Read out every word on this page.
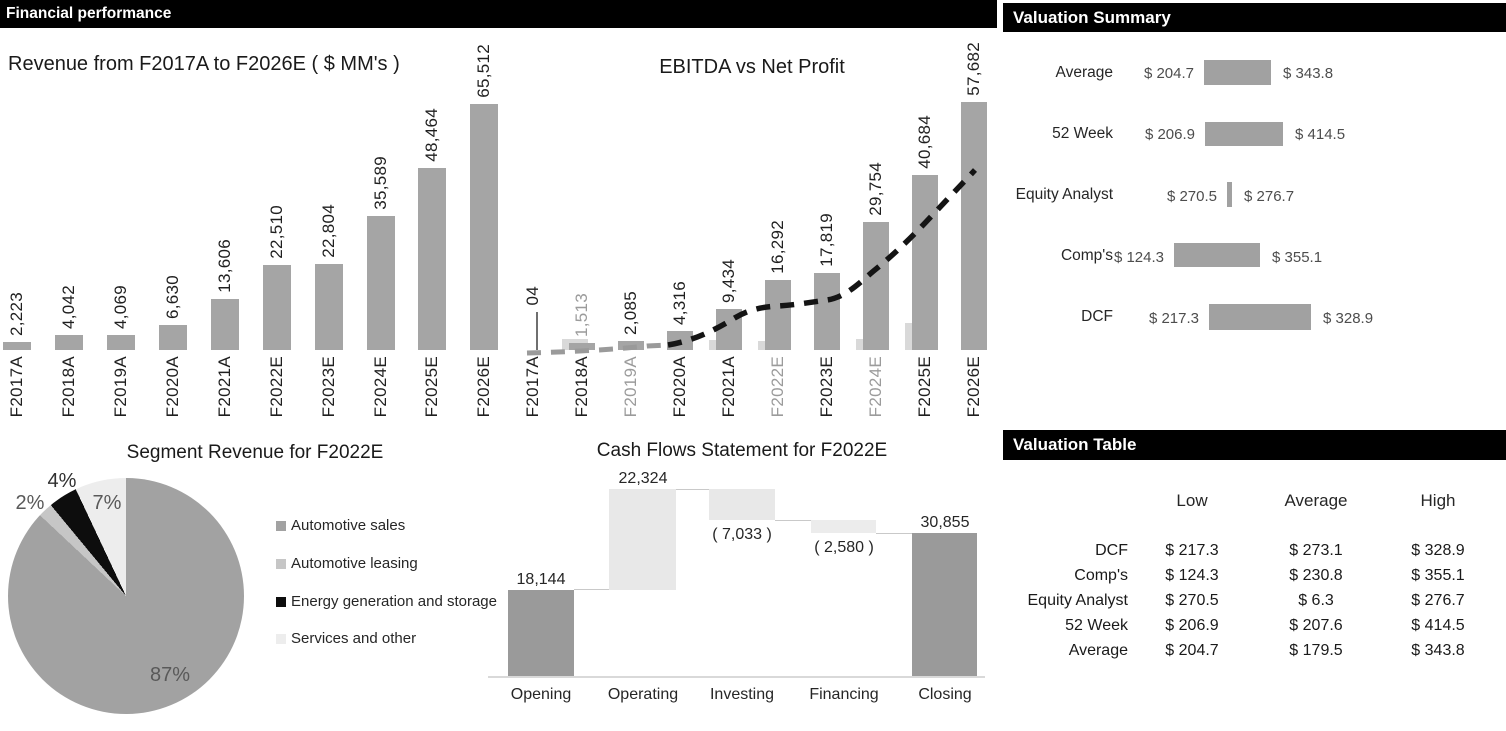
Financial performance	Valuation Summary
Revenue from F2017A to F2026E ( $ MM's )
2,223 4,042 4,069 6,630
13,606
22,510 22,804
35,589
48,464
65,512
F2017A F2018A F2019A F2020A F2021A F2022E F2023E F2024E F2025E F2026E
EBITDA vs Net Profit
04 1,513 2,085 4,316 9,434
16,292 17,819
29,754
40,684
57,682
F2017A F2018A F2019A F2020A F2021A F2022E F2023E F2024E F2025E F2026E
Average	$ 204.7	$ 343.8
52 Week	$ 206.9	$ 414.5
Equity Analyst	$ 270.5 $ 276.7
Comp's $ 124.3	$ 355.1
DCF	$ 217.3	$ 328.9
Segment Revenue for F2022E
87%
2%
4%
7%
Automotive sales
Automotive leasing
Energy generation and storage
Services and other
Cash Flows Statement for F2022E
18,144
22,324
( 7,033 )
( 2,580 )
30,855
Opening	Operating	Investing	Financing	Closing
Valuation Table
Low	Average	High
DCF	$ 217.3	$ 273.1	$ 328.9
Comp's	$ 124.3	$ 230.8	$ 355.1
Equity Analyst	$ 270.5	$ 6.3	$ 276.7
52 Week	$ 206.9	$ 207.6	$ 414.5
Average	$ 204.7	$ 179.5	$ 343.8
